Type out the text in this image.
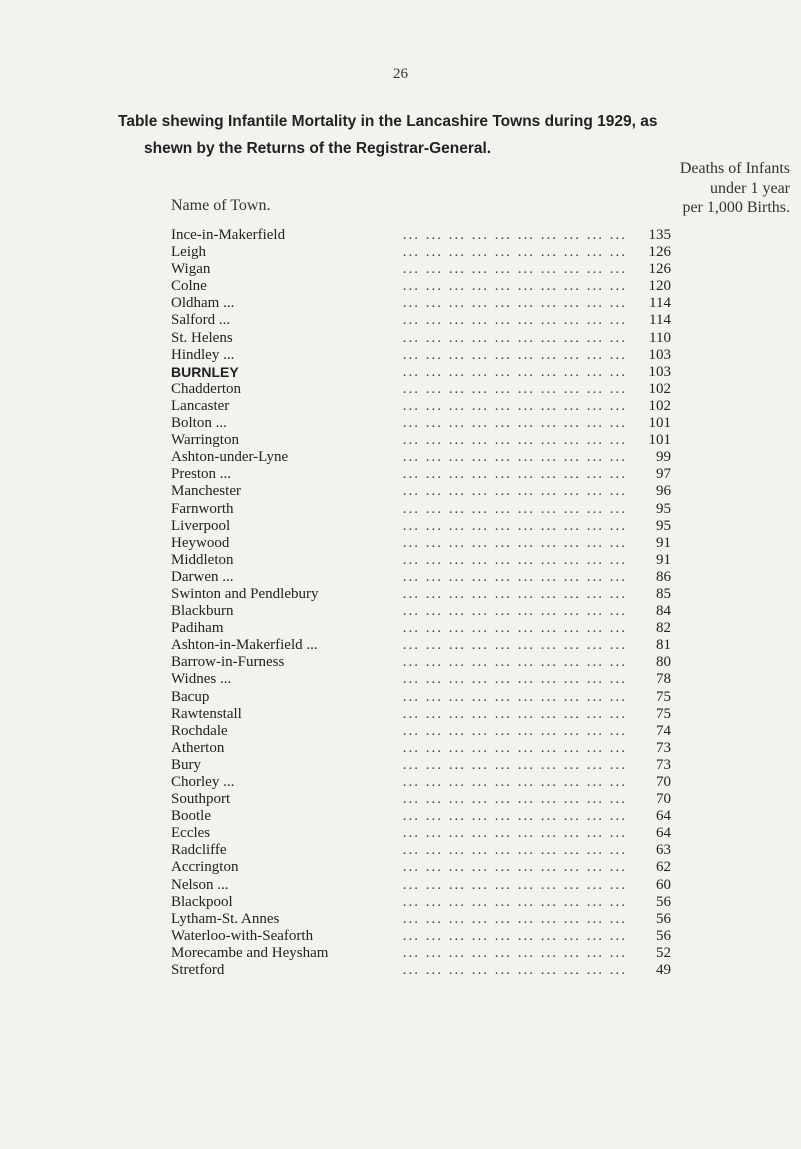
26
Table shewing Infantile Mortality in the Lancashire Towns during 1929, as
shewn by the Returns of the Registrar-General.
Name of Town.
Deaths of Infants
under 1 year
per 1,000 Births.
... ... ... ... ... ... ... ... ... ...
Ince-in-Makerfield	135
... ... ... ... ... ... ... ... ... ...
Leigh	126
... ... ... ... ... ... ... ... ... ...
Wigan	126
... ... ... ... ... ... ... ... ... ...
Colne	120
... ... ... ... ... ... ... ... ... ...
Oldham ...	114
... ... ... ... ... ... ... ... ... ...
Salford ...	114
... ... ... ... ... ... ... ... ... ...
St. Helens	110
... ... ... ... ... ... ... ... ... ...
Hindley ...	103
... ... ... ... ... ... ... ... ... ...
BURNLEY	103
... ... ... ... ... ... ... ... ... ...
Chadderton	102
... ... ... ... ... ... ... ... ... ...
Lancaster	102
... ... ... ... ... ... ... ... ... ...
Bolton ...	101
... ... ... ... ... ... ... ... ... ...
Warrington	101
... ... ... ... ... ... ... ... ... ...
Ashton-under-Lyne	99
... ... ... ... ... ... ... ... ... ...
Preston ...	97
... ... ... ... ... ... ... ... ... ...
Manchester	96
... ... ... ... ... ... ... ... ... ...
Farnworth	95
... ... ... ... ... ... ... ... ... ...
Liverpool	95
... ... ... ... ... ... ... ... ... ...
Heywood	91
... ... ... ... ... ... ... ... ... ...
Middleton	91
... ... ... ... ... ... ... ... ... ...
Darwen ...	86
... ... ... ... ... ... ... ... ... ...
Swinton and Pendlebury	85
... ... ... ... ... ... ... ... ... ...
Blackburn	84
... ... ... ... ... ... ... ... ... ...
Padiham	82
... ... ... ... ... ... ... ... ... ...
Ashton-in-Makerfield ...	81
... ... ... ... ... ... ... ... ... ...
Barrow-in-Furness	80
... ... ... ... ... ... ... ... ... ...
Widnes ...	78
... ... ... ... ... ... ... ... ... ...
Bacup	75
... ... ... ... ... ... ... ... ... ...
Rawtenstall	75
... ... ... ... ... ... ... ... ... ...
Rochdale	74
... ... ... ... ... ... ... ... ... ...
Atherton	73
... ... ... ... ... ... ... ... ... ...
Bury	73
... ... ... ... ... ... ... ... ... ...
Chorley ...	70
... ... ... ... ... ... ... ... ... ...
Southport	70
... ... ... ... ... ... ... ... ... ...
Bootle	64
... ... ... ... ... ... ... ... ... ...
Eccles	64
... ... ... ... ... ... ... ... ... ...
Radcliffe	63
... ... ... ... ... ... ... ... ... ...
Accrington	62
... ... ... ... ... ... ... ... ... ...
Nelson ...	60
... ... ... ... ... ... ... ... ... ...
Blackpool	56
... ... ... ... ... ... ... ... ... ...
Lytham-St. Annes	56
... ... ... ... ... ... ... ... ... ...
Waterloo-with-Seaforth	56
... ... ... ... ... ... ... ... ... ...
Morecambe and Heysham	52
... ... ... ... ... ... ... ... ... ...
Stretford	49
